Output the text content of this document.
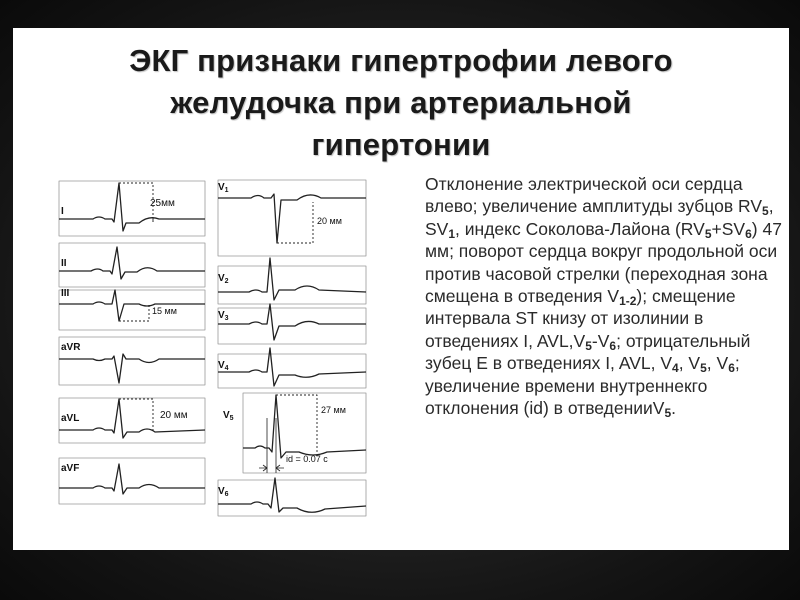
ЭКГ признаки гипертрофии левого
желудочка при артериальной
гипертонии
I
25мм
II
III
15 мм
aVR
aVL	20 мм
aVF
$V_1$
20 мм
$V_2$
$V_3$
$V_4$
$V_5$
27 мм
id = 0.07 с
$V_6$
Отклонение электрической оси сердца влево; увеличение амплитуды зубцов $RV_5$, $SV_1$, индекс Соколова-Лайона $(RV_5+SV_6)$ 47 мм; поворот сердца вокруг продольной оси против часовой стрелки (переходная зона смещена в отведения $V_{1-2}$); смещение интервала ST книзу от изолинии в отведениях I, $AVL,V_5-V_6$; отрицательный зубец Е в отведениях I, AVL, $V_4$, $V_5$, $V_6$; увеличение времени внутреннекго отклонения (id) в отведенииV$_5$.
